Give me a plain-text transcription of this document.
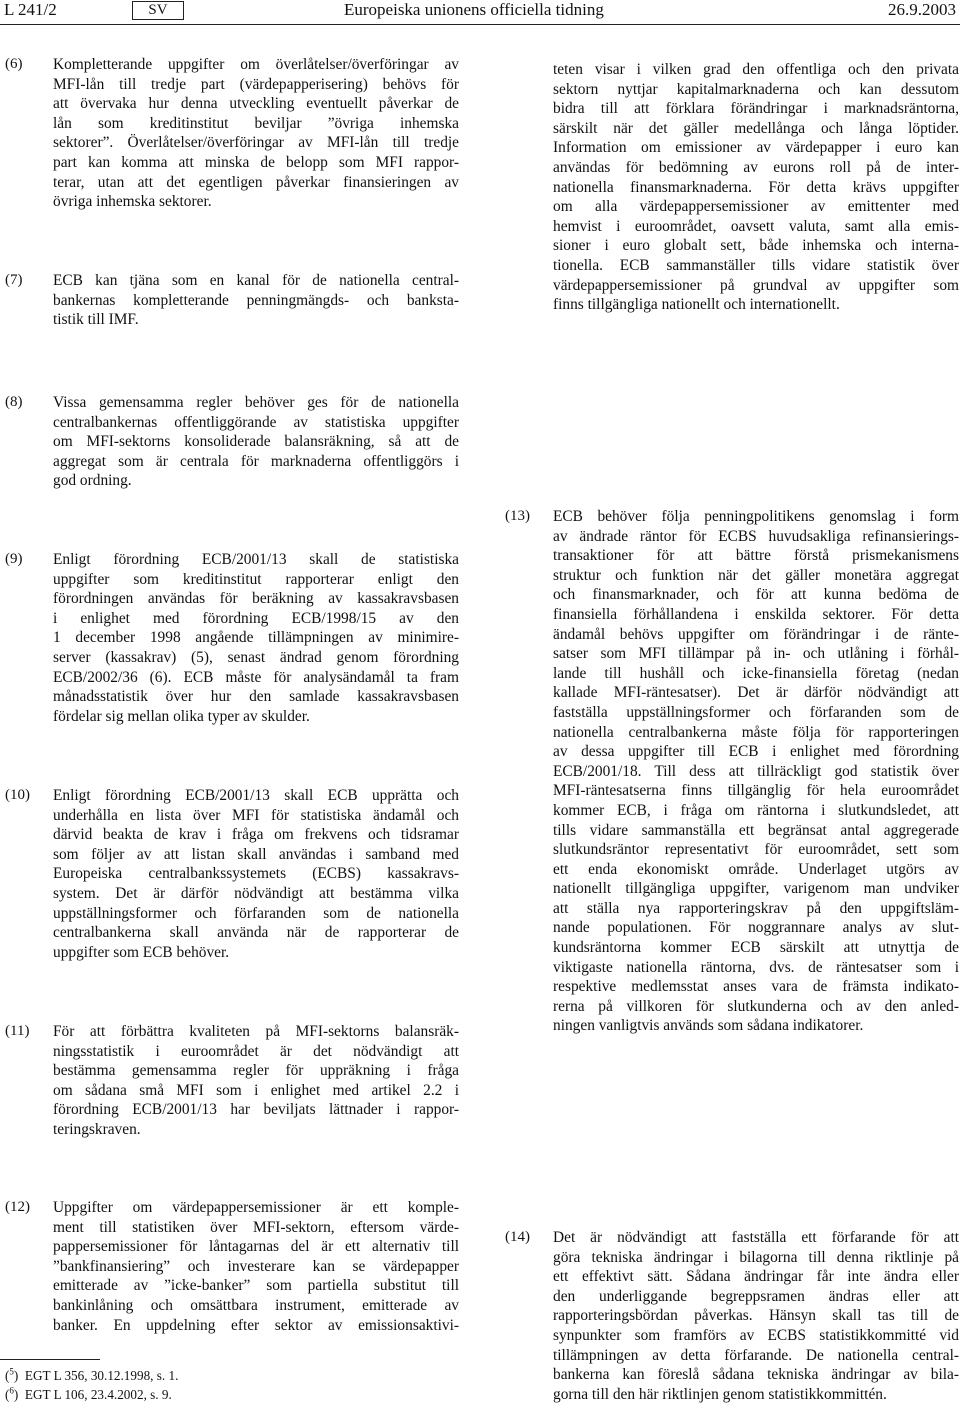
L 241/2	SV	Europeiska unionens officiella tidning	26.9.2003
(6) Kompletterande uppgifter om överlåtelser/överföringar av
MFI-lån till tredje part (värdepapperisering) behövs för
att övervaka hur denna utveckling eventuellt påverkar de
lån som kreditinstitut beviljar ”övriga inhemska
sektorer”. Överlåtelser/överföringar av MFI-lån till tredje
part kan komma att minska de belopp som MFI rappor-
terar, utan att det egentligen påverkar finansieringen av
övriga inhemska sektorer.
(7) ECB kan tjäna som en kanal för de nationella central-
bankernas kompletterande penningmängds- och banksta-
tistik till IMF.
teten visar i vilken grad den offentliga och den privata
sektorn nyttjar kapitalmarknaderna och kan dessutom
bidra till att förklara förändringar i marknadsräntorna,
särskilt när det gäller medellånga och långa löptider.
Information om emissioner av värdepapper i euro kan
användas för bedömning av eurons roll på de inter-
nationella finansmarknaderna. För detta krävs uppgifter
om alla värdepappersemissioner av emittenter med
hemvist i euroområdet, oavsett valuta, samt alla emis-
sioner i euro globalt sett, både inhemska och interna-
tionella. ECB sammanställer tills vidare statistik över
värdepappersemissioner på grundval av uppgifter som
finns tillgängliga nationellt och internationellt.
(8) Vissa gemensamma regler behöver ges för de nationella
centralbankernas offentliggörande av statistiska uppgifter
om MFI-sektorns konsoliderade balansräkning, så att de
aggregat som är centrala för marknaderna offentliggörs i
god ordning.
(9) Enligt förordning ECB/2001/13 skall de statistiska
uppgifter som kreditinstitut rapporterar enligt den
förordningen användas för beräkning av kassakravsbasen
i enlighet med förordning ECB/1998/15 av den
1 december 1998 angående tillämpningen av minimire-
server (kassakrav) (5), senast ändrad genom förordning
ECB/2002/36 (6). ECB måste för analysändamål ta fram
månadsstatistik över hur den samlade kassakravsbasen
fördelar sig mellan olika typer av skulder.
(10) Enligt förordning ECB/2001/13 skall ECB upprätta och
underhålla en lista över MFI för statistiska ändamål och
därvid beakta de krav i fråga om frekvens och tidsramar
som följer av att listan skall användas i samband med
Europeiska centralbankssystemets (ECBS) kassakravs-
system. Det är därför nödvändigt att bestämma vilka
uppställningsformer och förfaranden som de nationella
centralbankerna skall använda när de rapporterar de
uppgifter som ECB behöver.
(11) För att förbättra kvaliteten på MFI-sektorns balansräk-
ningsstatistik i euroområdet är det nödvändigt att
bestämma gemensamma regler för uppräkning i fråga
om sådana små MFI som i enlighet med artikel 2.2 i
förordning ECB/2001/13 har beviljats lättnader i rappor-
teringskraven.
(13) ECB behöver följa penningpolitikens genomslag i form
av ändrade räntor för ECBS huvudsakliga refinansierings-
transaktioner för att bättre förstå prismekanismens
struktur och funktion när det gäller monetära aggregat
och finansmarknader, och för att kunna bedöma de
finansiella förhållandena i enskilda sektorer. För detta
ändamål behövs uppgifter om förändringar i de ränte-
satser som MFI tillämpar på in- och utlåning i förhål-
lande till hushåll och icke-finansiella företag (nedan
kallade MFI-räntesatser). Det är därför nödvändigt att
fastställa uppställningsformer och förfaranden som de
nationella centralbankerna måste följa för rapporteringen
av dessa uppgifter till ECB i enlighet med förordning
ECB/2001/18. Till dess att tillräckligt god statistik över
MFI-räntesatserna finns tillgänglig för hela euroområdet
kommer ECB, i fråga om räntorna i slutkundsledet, att
tills vidare sammanställa ett begränsat antal aggregerade
slutkundsräntor representativt för euroområdet, sett som
ett enda ekonomiskt område. Underlaget utgörs av
nationellt tillgängliga uppgifter, varigenom man undviker
att ställa nya rapporteringskrav på den uppgiftsläm-
nande populationen. För noggrannare analys av slut-
kundsräntorna kommer ECB särskilt att utnyttja de
viktigaste nationella räntorna, dvs. de räntesatser som i
respektive medlemsstat anses vara de främsta indikato-
rerna på villkoren för slutkunderna och av den anled-
ningen vanligtvis används som sådana indikatorer.
(12) Uppgifter om värdepappersemissioner är ett komple-
ment till statistiken över MFI-sektorn, eftersom värde-
pappersemissioner för låntagarnas del är ett alternativ till
”bankfinansiering” och investerare kan se värdepapper
emitterade av ”icke-banker” som partiella substitut till
bankinlåning och omsättbara instrument, emitterade av
banker. En uppdelning efter sektor av emissionsaktivi-
(14) Det är nödvändigt att fastställa ett förfarande för att
göra tekniska ändringar i bilagorna till denna riktlinje på
ett effektivt sätt. Sådana ändringar får inte ändra eller
den underliggande begreppsramen ändras eller att
rapporteringsbördan påverkas. Hänsyn skall tas till de
synpunkter som framförs av ECBS statistikkommitté vid
tillämpningen av detta förfarande. De nationella central-
bankerna kan föreslå sådana tekniska ändringar av bila-
gorna till den här riktlinjen genom statistikkommittén.
($^5$)  EGT L 356, 30.12.1998, s. 1.
($^6$)  EGT L 106, 23.4.2002, s. 9.
